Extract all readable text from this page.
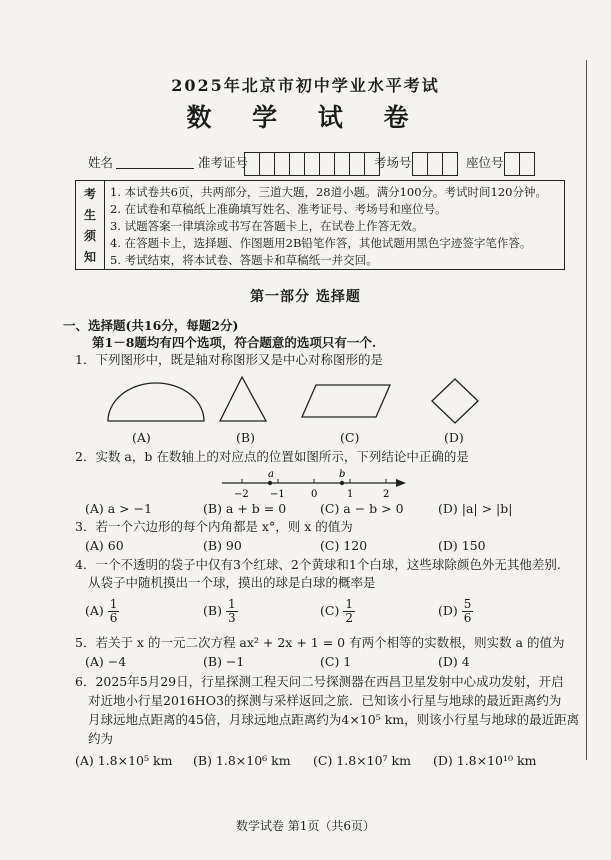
2025年北京市初中学业水平考试
数 学 试 卷
姓名	准考证号	考场号	座位号
考
生
须
知
1. 本试卷共6页，共两部分，三道大题，28道小题。满分100分。考试时间120分钟。
2. 在试卷和草稿纸上准确填写姓名、准考证号、考场号和座位号。
3. 试题答案一律填涂或书写在答题卡上，在试卷上作答无效。
4. 在答题卡上，选择题、作图题用2B铅笔作答，其他试题用黑色字迹签字笔作答。
5. 考试结束，将本试卷、答题卡和草稿纸一并交回。
第一部分 选择题
一、选择题(共16分，每题2分)
第1－8题均有四个选项，符合题意的选项只有一个.
1．下列图形中，既是轴对称图形又是中心对称图形的是
(A)	(B)	(C)	(D)
2．实数 a，b 在数轴上的对应点的位置如图所示，下列结论中正确的是
a	b
−2 −1	0	1	2
(A) a > −1	(B) a + b = 0	(C) a − b > 0	(D) |a| > |b|
3．若一个六边形的每个内角都是 x°，则 x 的值为
(A) 60	(B) 90	(C) 120	(D) 150
4．一个不透明的袋子中仅有3个红球、2个黄球和1个白球，这些球除颜色外无其他差别.
从袋子中随机摸出一个球，摸出的球是白球的概率是
$(A) \frac{1}{6}$	$(B) \frac{1}{3}$	$(C) \frac{1}{2}$	$(D) \frac{5}{6}$
5．若关于 x 的一元二次方程 ax² + 2x + 1 = 0 有两个相等的实数根，则实数 a 的值为
(A) −4	(B) −1	(C) 1	(D) 4
6．2025年5月29日，行星探测工程天问二号探测器在西昌卫星发射中心成功发射，开启
对近地小行星2016HO3的探测与采样返回之旅．已知该小行星与地球的最近距离约为
月球远地点距离的45倍，月球远地点距离约为4×10⁵ km，则该小行星与地球的最近距离
约为
(A) 1.8×10⁵ km (B) 1.8×10⁶ km (C) 1.8×10⁷ km (D) 1.8×10¹⁰ km
数学试卷 第1页（共6页）
